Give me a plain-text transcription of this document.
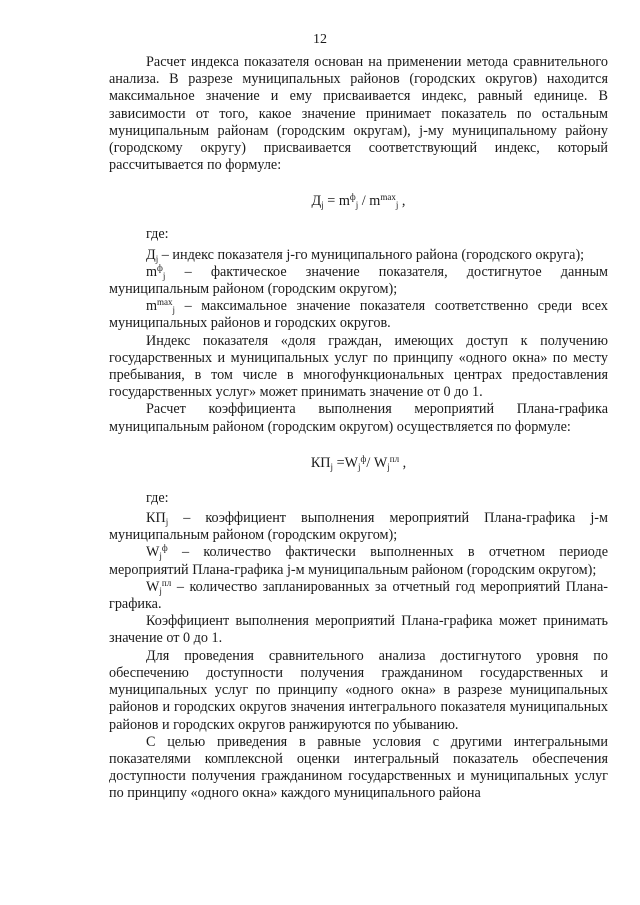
12

Расчет индекса показателя основан на применении метода сравнительного анализа. В разрезе муниципальных районов (городских округов) находится максимальное значение и ему присваивается индекс, равный единице. В зависимости от того, какое значение принимает показатель по остальным муниципальным районам (городским округам), j-му муниципальному району (городскому округу) присваивается соответствующий индекс, который рассчитывается по формуле:

$Д_j = m^ф_j / m^{max}_j$ ,

где:

$Д_j$ – индекс показателя j-го муниципального района (городского округа);

$m^ф_j$ – фактическое значение показателя, достигнутое данным муниципальным районом (городским округом);

$m^{max}_j$ – максимальное значение показателя соответственно среди всех муниципальных районов и городских округов.

Индекс показателя «доля граждан, имеющих доступ к получению государственных и муниципальных услуг по принципу «одного окна» по месту пребывания, в том числе в многофункциональных центрах предоставления государственных услуг» может принимать значение от 0 до 1.

Расчет коэффициента выполнения мероприятий Плана-графика муниципальным районом (городским округом) осуществляется по формуле:

$КП_j =W_j^ф/$ $W_j^{пл}$ ,

где:

$КП_j$ – коэффициент выполнения мероприятий Плана-графика j-м муниципальным районом (городским округом);

$W_j^ф$ – количество фактически выполненных в отчетном периоде мероприятий Плана-графика j-м муниципальным районом (городским округом);

$W_j^{пл}$ – количество запланированных за отчетный год мероприятий Плана-графика.

Коэффициент выполнения мероприятий Плана-графика может принимать значение от 0 до 1.

Для проведения сравнительного анализа достигнутого уровня по обеспечению доступности получения гражданином государственных и муниципальных услуг по принципу «одного окна» в разрезе муниципальных районов и городских округов значения интегрального показателя муниципальных районов и городских округов ранжируются по убыванию.

С целью приведения в равные условия с другими интегральными показателями комплексной оценки интегральный показатель обеспечения доступности получения гражданином государственных и муниципальных услуг по принципу «одного окна» каждого муниципального района
